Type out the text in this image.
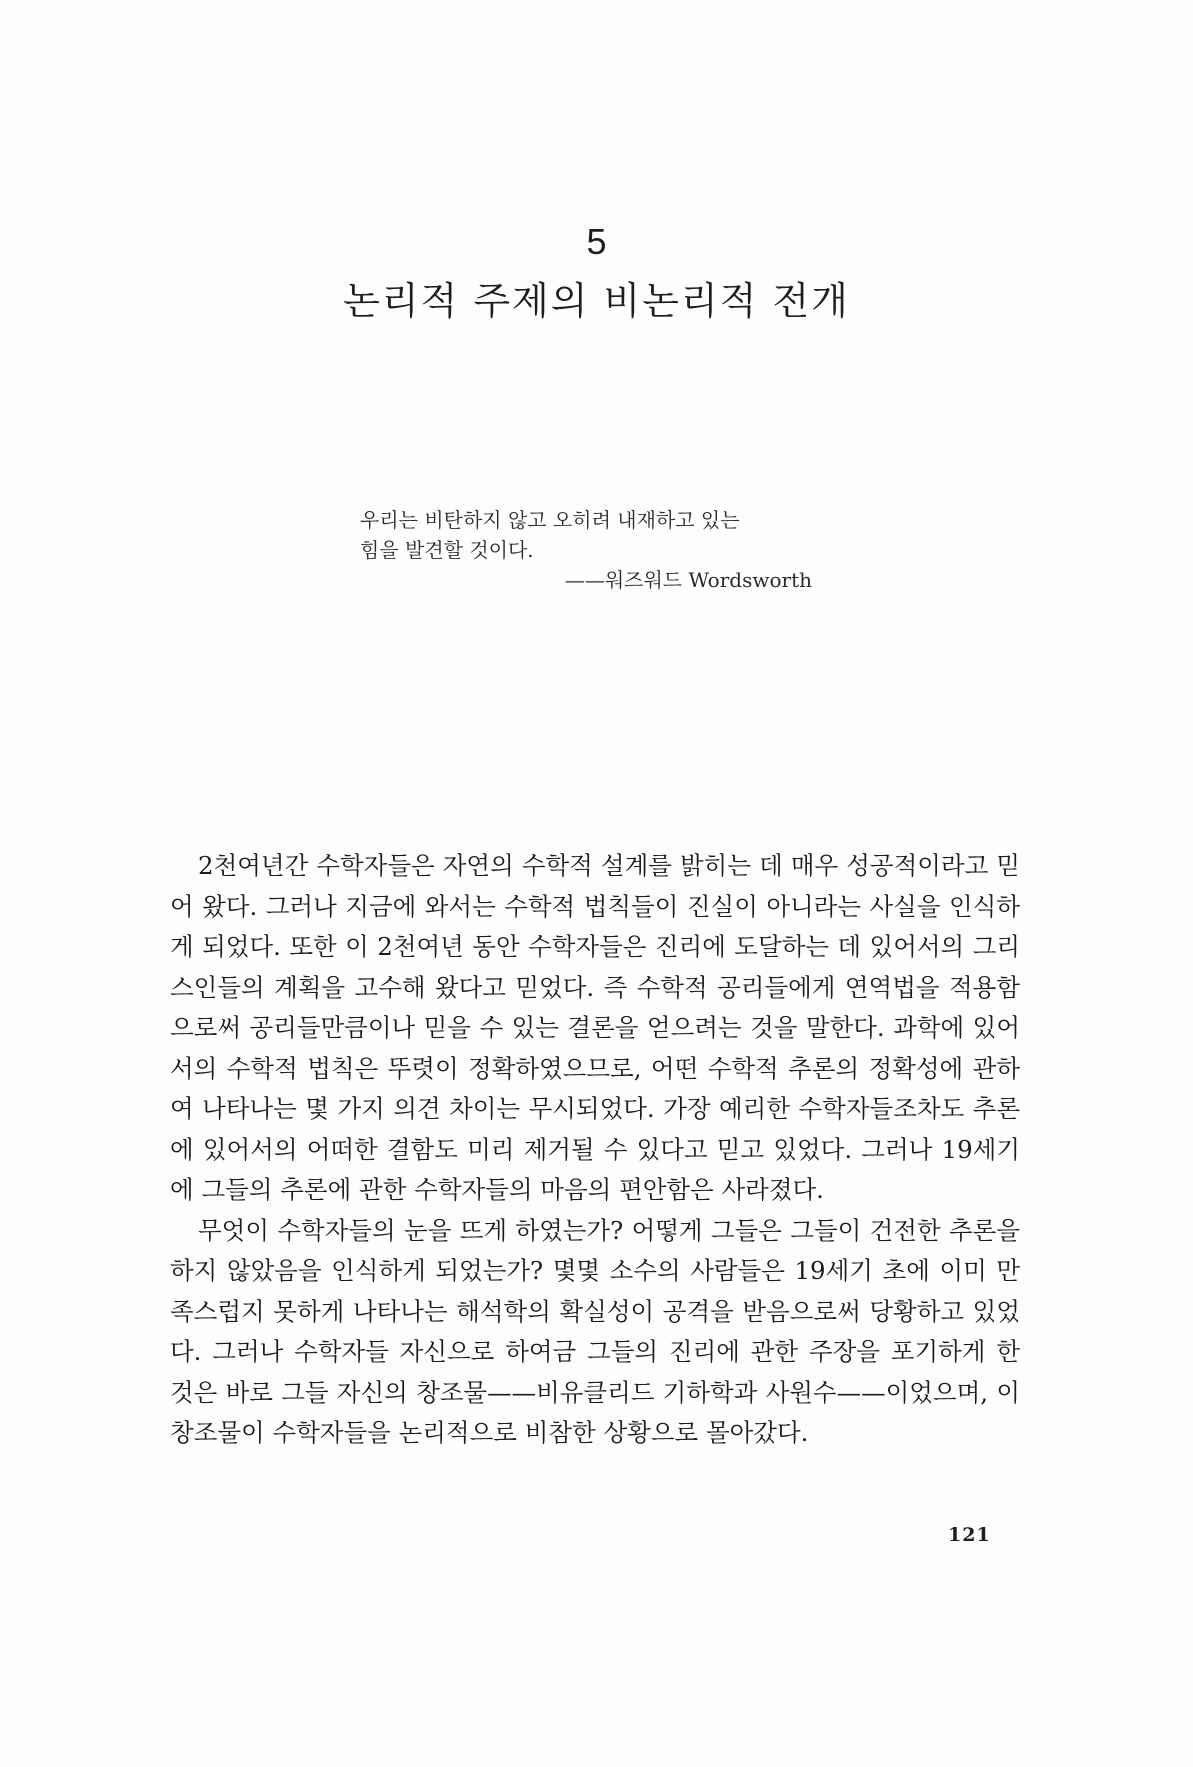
5
논리적 주제의 비논리적 전개

우리는 비탄하지 않고 오히려 내재하고 있는

힘을 발견할 것이다.

——워즈워드 Wordsworth

2천여년간 수학자들은 자연의 수학적 설계를 밝히는 데 매우 성공적이라고 믿어 왔다. 그러나 지금에 와서는 수학적 법칙들이 진실이 아니라는 사실을 인식하게 되었다. 또한 이 2천여년 동안 수학자들은 진리에 도달하는 데 있어서의 그리스인들의 계획을 고수해 왔다고 믿었다. 즉 수학적 공리들에게 연역법을 적용함으로써 공리들만큼이나 믿을 수 있는 결론을 얻으려는 것을 말한다. 과학에 있어서의 수학적 법칙은 뚜렷이 정확하였으므로, 어떤 수학적 추론의 정확성에 관하여 나타나는 몇 가지 의견 차이는 무시되었다. 가장 예리한 수학자들조차도 추론에 있어서의 어떠한 결함도 미리 제거될 수 있다고 믿고 있었다. 그러나 19세기에 그들의 추론에 관한 수학자들의 마음의 편안함은 사라졌다.

무엇이 수학자들의 눈을 뜨게 하였는가? 어떻게 그들은 그들이 건전한 추론을 하지 않았음을 인식하게 되었는가? 몇몇 소수의 사람들은 19세기 초에 이미 만족스럽지 못하게 나타나는 해석학의 확실성이 공격을 받음으로써 당황하고 있었다. 그러나 수학자들 자신으로 하여금 그들의 진리에 관한 주장을 포기하게 한 것은 바로 그들 자신의 창조물——비유클리드 기하학과 사원수——이었으며, 이 창조물이 수학자들을 논리적으로 비참한 상황으로 몰아갔다.

121
